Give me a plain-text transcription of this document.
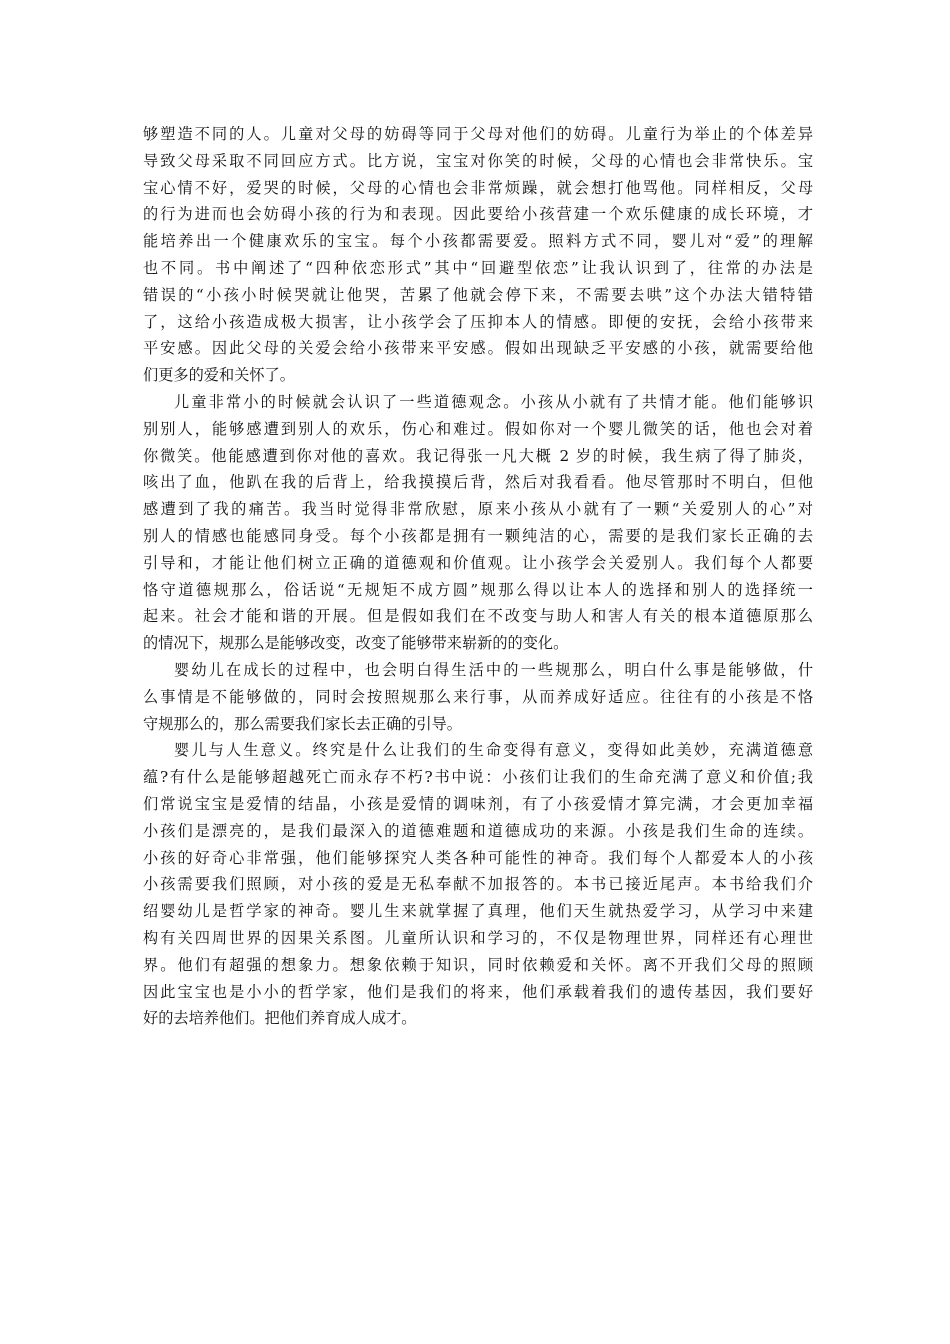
够塑造不同的人。儿童对父母的妨碍等同于父母对他们的妨碍。儿童行为举止的个体差异
导致父母采取不同回应方式。比方说，宝宝对你笑的时候，父母的心情也会非常快乐。宝
宝心情不好，爱哭的时候，父母的心情也会非常烦躁，就会想打他骂他。同样相反，父母
的行为进而也会妨碍小孩的行为和表现。因此要给小孩营建一个欢乐健康的成长环境，才
能培养出一个健康欢乐的宝宝。每个小孩都需要爱。照料方式不同，婴儿对“爱”的理解
也不同。书中阐述了“四种依恋形式”其中“回避型依恋”让我认识到了，往常的办法是
错误的“小孩小时候哭就让他哭，苦累了他就会停下来，不需要去哄”这个办法大错特错
了，这给小孩造成极大损害，让小孩学会了压抑本人的情感。即便的安抚，会给小孩带来
平安感。因此父母的关爱会给小孩带来平安感。假如出现缺乏平安感的小孩，就需要给他
们更多的爱和关怀了。
儿童非常小的时候就会认识了一些道德观念。小孩从小就有了共情才能。他们能够识
别别人，能够感遭到别人的欢乐，伤心和难过。假如你对一个婴儿微笑的话，他也会对着
你微笑。他能感遭到你对他的喜欢。我记得张一凡大概 2 岁的时候，我生病了得了肺炎，
咳出了血，他趴在我的后背上，给我摸摸后背，然后对我看看。他尽管那时不明白，但他
感遭到了我的痛苦。我当时觉得非常欣慰，原来小孩从小就有了一颗“关爱别人的心”对
别人的情感也能感同身受。每个小孩都是拥有一颗纯洁的心，需要的是我们家长正确的去
引导和，才能让他们树立正确的道德观和价值观。让小孩学会关爱别人。我们每个人都要
恪守道德规那么，俗话说“无规矩不成方圆”规那么得以让本人的选择和别人的选择统一
起来。社会才能和谐的开展。但是假如我们在不改变与助人和害人有关的根本道德原那么
的情况下，规那么是能够改变，改变了能够带来崭新的的变化。
婴幼儿在成长的过程中，也会明白得生活中的一些规那么，明白什么事是能够做，什
么事情是不能够做的，同时会按照规那么来行事，从而养成好适应。往往有的小孩是不恪
守规那么的，那么需要我们家长去正确的引导。
婴儿与人生意义。终究是什么让我们的生命变得有意义，变得如此美妙，充满道德意
蕴?有什么是能够超越死亡而永存不朽?书中说：小孩们让我们的生命充满了意义和价值;我
们常说宝宝是爱情的结晶，小孩是爱情的调味剂，有了小孩爱情才算完满，才会更加幸福
小孩们是漂亮的，是我们最深入的道德难题和道德成功的来源。小孩是我们生命的连续。
小孩的好奇心非常强，他们能够探究人类各种可能性的神奇。我们每个人都爱本人的小孩
小孩需要我们照顾，对小孩的爱是无私奉献不加报答的。本书已接近尾声。本书给我们介
绍婴幼儿是哲学家的神奇。婴儿生来就掌握了真理，他们天生就热爱学习，从学习中来建
构有关四周世界的因果关系图。儿童所认识和学习的，不仅是物理世界，同样还有心理世
界。他们有超强的想象力。想象依赖于知识，同时依赖爱和关怀。离不开我们父母的照顾
因此宝宝也是小小的哲学家，他们是我们的将来，他们承载着我们的遗传基因，我们要好
好的去培养他们。把他们养育成人成才。
